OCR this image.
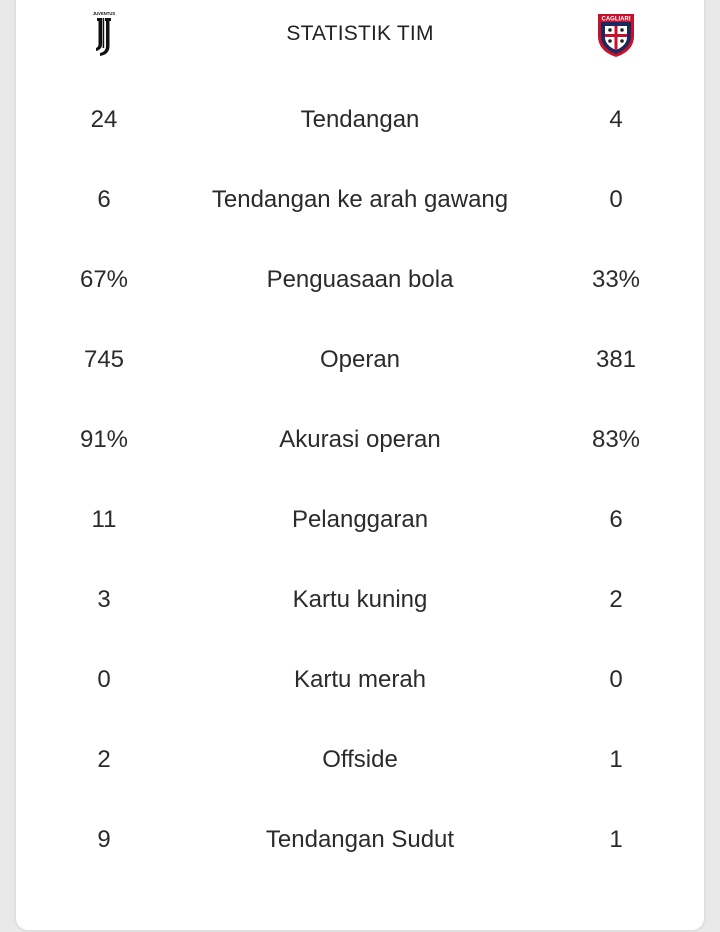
JUVENTUS
STATISTIK TIM
CAGLIARI
24	Tendangan	4
6	Tendangan ke arah gawang	0
67%	Penguasaan bola	33%
745	Operan	381
91%	Akurasi operan	83%
11	Pelanggaran	6
3	Kartu kuning	2
0	Kartu merah	0
2	Offside	1
9	Tendangan Sudut	1
